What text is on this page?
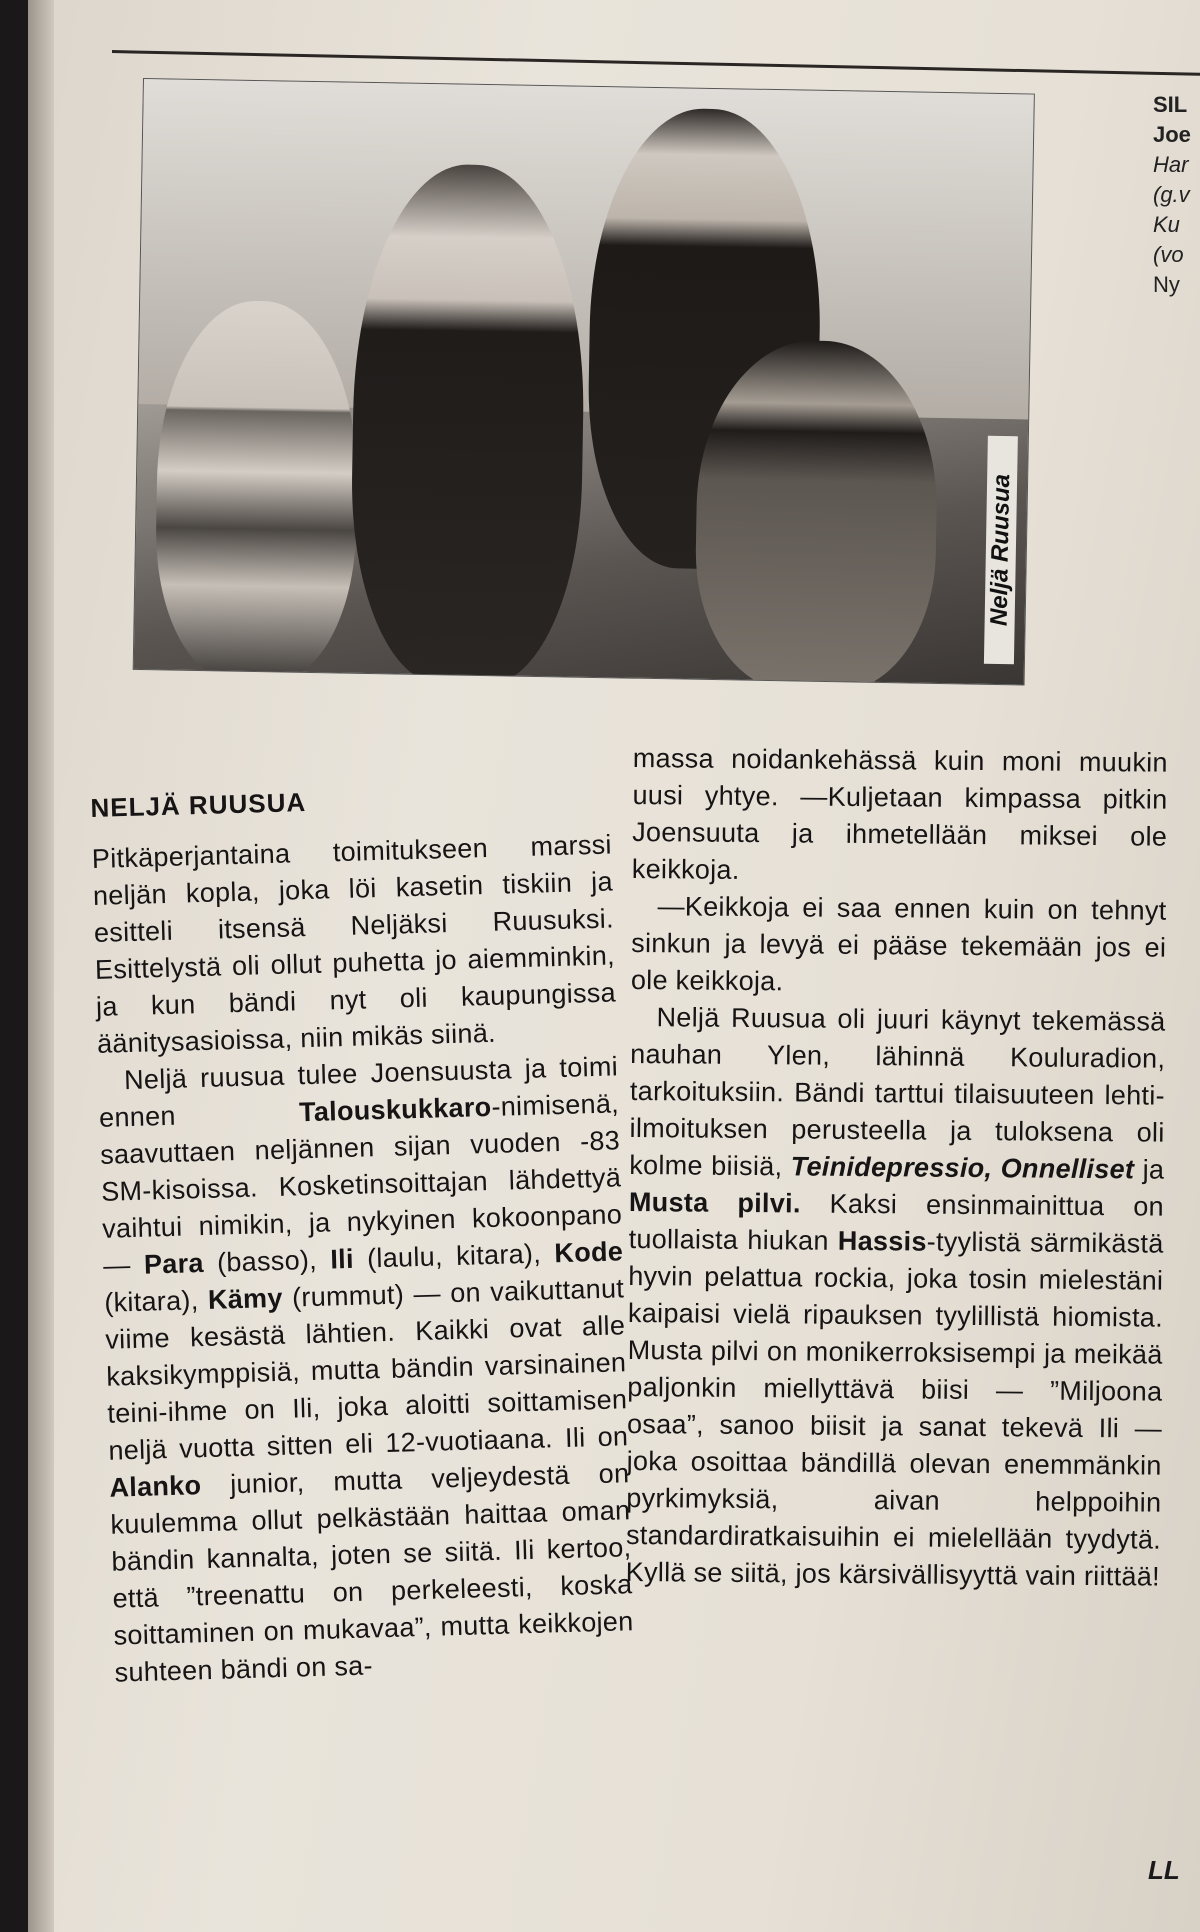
Neljä Ruusua
SIL
Joe
Har
(g.v
Ku
(vo
Ny
NELJÄ RUUSUA

Pitkäperjantaina toimitukseen marssi neljän kopla, joka löi kasetin tiskiin ja esitteli itsensä Neljäksi Ruusuksi. Esittelystä oli ollut puhetta jo aiemminkin, ja kun bändi nyt oli kaupungissa äänitysasioissa, niin mikäs siinä.

Neljä ruusua tulee Joensuusta ja toimi ennen Talouskukkaro-nimisenä, saavuttaen neljännen sijan vuoden -83 SM-kisoissa. Kosketinsoittajan lähdettyä vaihtui nimikin, ja nykyinen kokoonpano — Para (basso), Ili (laulu, kitara), Kode (kitara), Kämy (rummut) — on vaikuttanut viime kesästä lähtien. Kaikki ovat alle kaksikymppisiä, mutta bändin varsinainen teini-ihme on Ili, joka aloitti soittamisen neljä vuotta sitten eli 12-vuotiaana. Ili on Alanko junior, mutta veljeydestä on kuulemma ollut pelkästään haittaa oman bändin kannalta, joten se siitä. Ili kertoo, että ”treenattu on perkeleesti, koska soittaminen on mukavaa”, mutta keikkojen suhteen bändi on sa-

massa noidankehässä kuin moni muukin uusi yhtye. —Kuljetaan kimpassa pitkin Joensuuta ja ihmetellään miksei ole keikkoja.

—Keikkoja ei saa ennen kuin on tehnyt sinkun ja levyä ei pääse tekemään jos ei ole keikkoja.

Neljä Ruusua oli juuri käynyt tekemässä nauhan Ylen, lähinnä Kouluradion, tarkoituksiin. Bändi tarttui tilaisuuteen lehti-ilmoituksen perusteella ja tuloksena oli kolme biisiä, Teinidepressio, Onnelliset ja Musta pilvi. Kaksi ensinmainittua on tuollaista hiukan Hassis-tyylistä särmikästä hyvin pelattua rockia, joka tosin mielestäni kaipaisi vielä ripauksen tyylillistä hiomista. Musta pilvi on monikerroksisempi ja meikää paljonkin miellyttävä biisi — ”Miljoona osaa”, sanoo biisit ja sanat tekevä Ili — joka osoittaa bändillä olevan enemmänkin pyrkimyksiä, aivan helppoihin standardiratkaisuihin ei mielellään tyydytä. Kyllä se siitä, jos kärsivällisyyttä vain riittää!

LL
